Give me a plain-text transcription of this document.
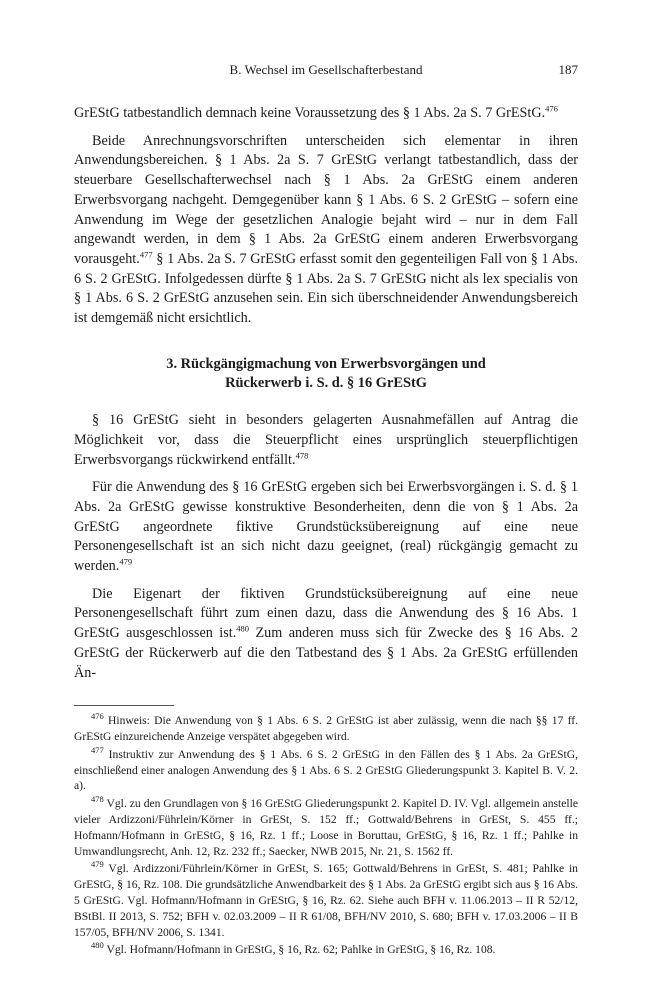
B. Wechsel im Gesellschafterbestand	187

GrEStG tatbestandlich demnach keine Voraussetzung des § 1 Abs. 2a S. 7 GrEStG.$^{476}$

Beide Anrechnungsvorschriften unterscheiden sich elementar in ihren Anwendungsbereichen. § 1 Abs. 2a S. 7 GrEStG verlangt tatbestandlich, dass der steuerbare Gesellschafterwechsel nach § 1 Abs. 2a GrEStG einem anderen Erwerbsvorgang nachgeht. Demgegenüber kann § 1 Abs. 6 S. 2 GrEStG – sofern eine Anwendung im Wege der gesetzlichen Analogie bejaht wird – nur in dem Fall angewandt werden, in dem § 1 Abs. 2a GrEStG einem anderen Erwerbsvorgang vorausgeht.$^{477}$ § 1 Abs. 2a S. 7 GrEStG erfasst somit den gegenteiligen Fall von § 1 Abs. 6 S. 2 GrEStG. Infolgedessen dürfte § 1 Abs. 2a S. 7 GrEStG nicht als lex specialis von § 1 Abs. 6 S. 2 GrEStG anzusehen sein. Ein sich überschneidender Anwendungsbereich ist demgemäß nicht ersichtlich.

3. Rückgängigmachung von Erwerbsvorgängen und
Rückerwerb i. S. d. § 16 GrEStG

§ 16 GrEStG sieht in besonders gelagerten Ausnahmefällen auf Antrag die Möglichkeit vor, dass die Steuerpflicht eines ursprünglich steuerpflichtigen Erwerbsvorgangs rückwirkend entfällt.$^{478}$

Für die Anwendung des § 16 GrEStG ergeben sich bei Erwerbsvorgängen i. S. d. § 1 Abs. 2a GrEStG gewisse konstruktive Besonderheiten, denn die von § 1 Abs. 2a GrEStG angeordnete fiktive Grundstücksübereignung auf eine neue Personengesellschaft ist an sich nicht dazu geeignet, (real) rückgängig gemacht zu werden.$^{479}$

Die Eigenart der fiktiven Grundstücksübereignung auf eine neue Personengesellschaft führt zum einen dazu, dass die Anwendung des § 16 Abs. 1 GrEStG ausgeschlossen ist.$^{480}$ Zum anderen muss sich für Zwecke des § 16 Abs. 2 GrEStG der Rückerwerb auf die den Tatbestand des § 1 Abs. 2a GrEStG erfüllenden Än-

$^{476}$ Hinweis: Die Anwendung von § 1 Abs. 6 S. 2 GrEStG ist aber zulässig, wenn die nach §§ 17 ff. GrEStG einzureichende Anzeige verspätet abgegeben wird.

$^{477}$ Instruktiv zur Anwendung des § 1 Abs. 6 S. 2 GrEStG in den Fällen des § 1 Abs. 2a GrEStG, einschließend einer analogen Anwendung des § 1 Abs. 6 S. 2 GrEStG Gliederungspunkt 3. Kapitel B. V. 2. a).

$^{478}$ Vgl. zu den Grundlagen von § 16 GrEStG Gliederungspunkt 2. Kapitel D. IV. Vgl. allgemein anstelle vieler Ardizzoni/Führlein/Körner in GrESt, S. 152 ff.; Gottwald/Behrens in GrESt, S. 455 ff.; Hofmann/Hofmann in GrEStG, § 16, Rz. 1 ff.; Loose in Boruttau, GrEStG, § 16, Rz. 1 ff.; Pahlke in Umwandlungsrecht, Anh. 12, Rz. 232 ff.; Saecker, NWB 2015, Nr. 21, S. 1562 ff.

$^{479}$ Vgl. Ardizzoni/Führlein/Körner in GrESt, S. 165; Gottwald/Behrens in GrESt, S. 481; Pahlke in GrEStG, § 16, Rz. 108. Die grundsätzliche Anwendbarkeit des § 1 Abs. 2a GrEStG ergibt sich aus § 16 Abs. 5 GrEStG. Vgl. Hofmann/Hofmann in GrEStG, § 16, Rz. 62. Siehe auch BFH v. 11.06.2013 – II R 52/12, BStBl. II 2013, S. 752; BFH v. 02.03.2009 – II R 61/08, BFH/NV 2010, S. 680; BFH v. 17.03.2006 – II B 157/05, BFH/NV 2006, S. 1341.

$^{480}$ Vgl. Hofmann/Hofmann in GrEStG, § 16, Rz. 62; Pahlke in GrEStG, § 16, Rz. 108.
